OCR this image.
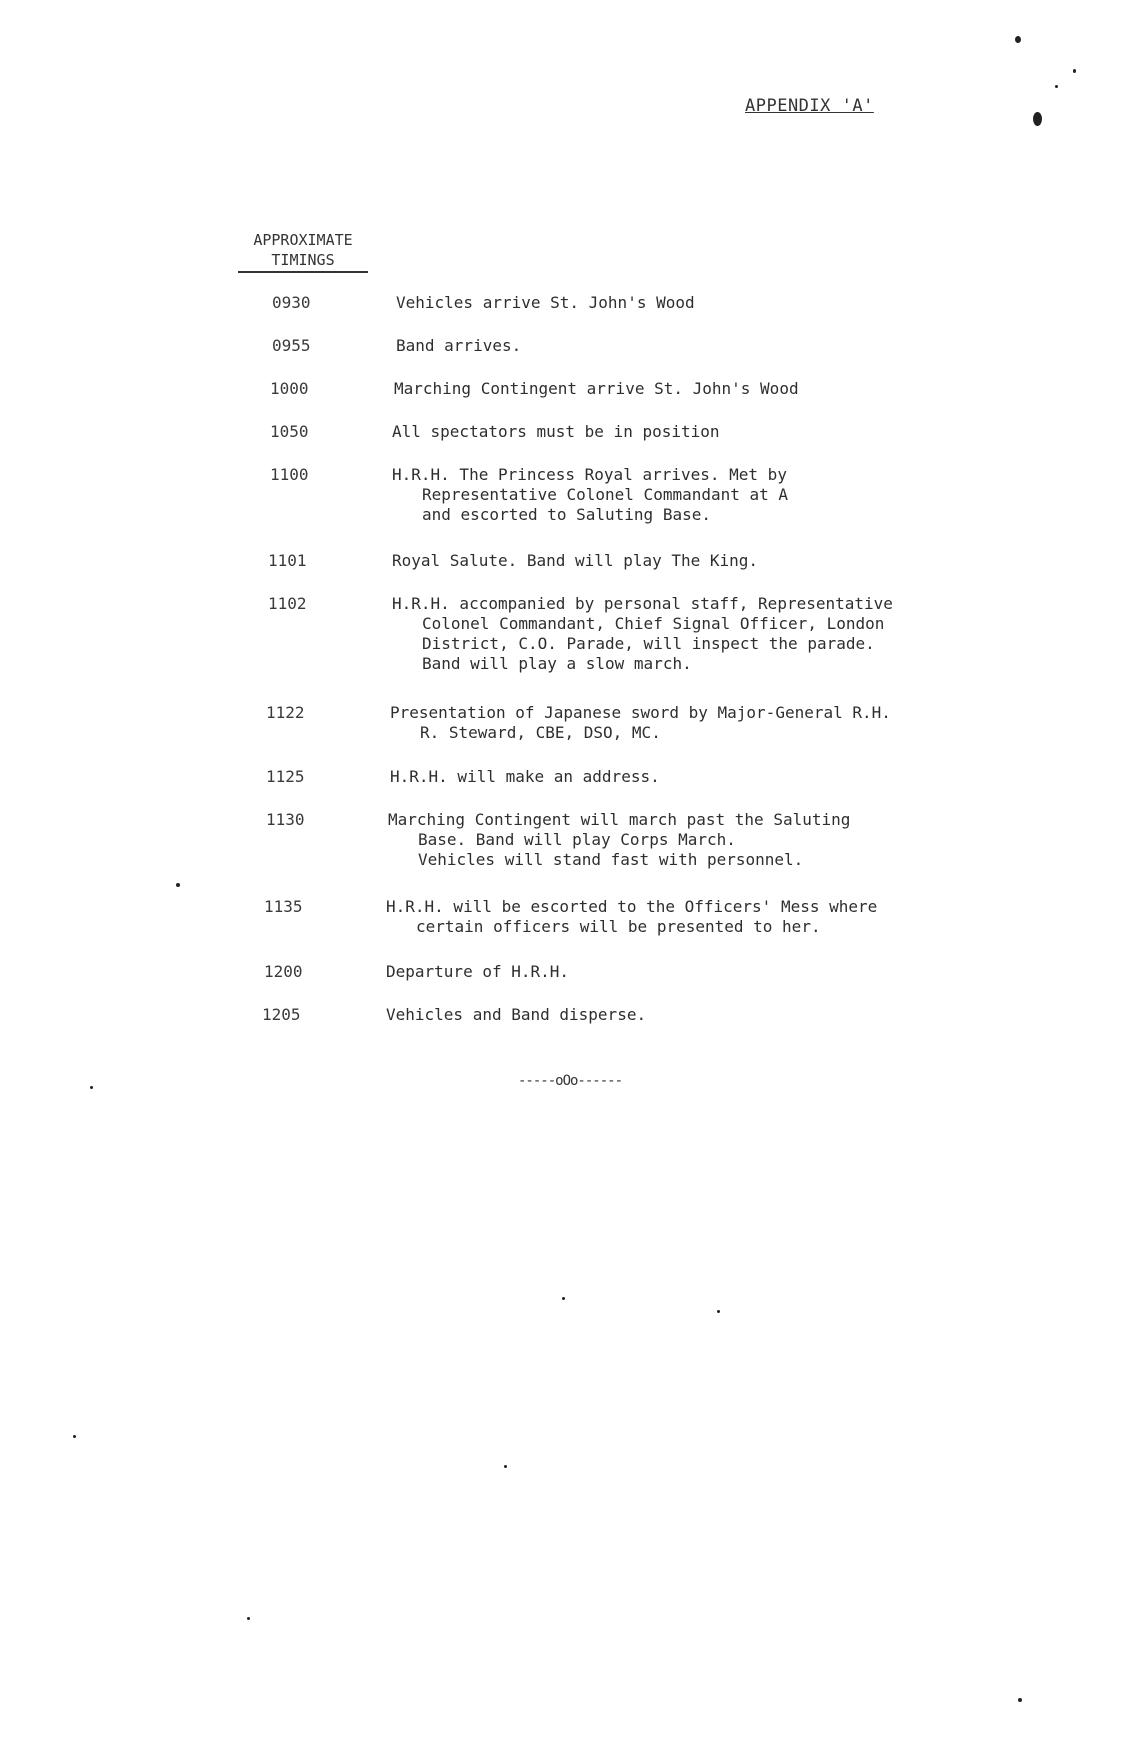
APPENDIX 'A'
APPROXIMATE
TIMINGS
0930	Vehicles arrive St. John's Wood
0955	Band arrives.
1000	Marching Contingent arrive St. John's Wood
1050	All spectators must be in position
1100	H.R.H. The Princess Royal arrives. Met by
Representative Colonel Commandant at A
and escorted to Saluting Base.
1101	Royal Salute. Band will play The King.
1102	H.R.H. accompanied by personal staff, Representative
Colonel Commandant, Chief Signal Officer, London
District, C.O. Parade, will inspect the parade.
Band will play a slow march.
1122	Presentation of Japanese sword by Major-General R.H.
R. Steward, CBE, DSO, MC.
1125	H.R.H. will make an address.
1130	Marching Contingent will march past the Saluting
Base. Band will play Corps March.
Vehicles will stand fast with personnel.
1135	H.R.H. will be escorted to the Officers' Mess where
certain officers will be presented to her.
1200	Departure of H.R.H.
1205	Vehicles and Band disperse.
-----oOo------
